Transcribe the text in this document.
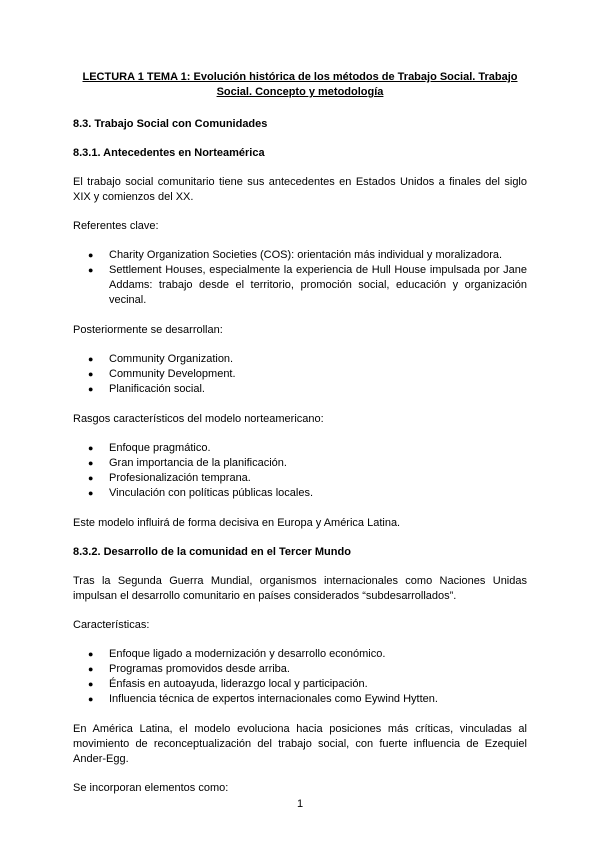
LECTURA 1 TEMA 1: Evolución histórica de los métodos de Trabajo Social. Trabajo Social. Concepto y metodología
8.3. Trabajo Social con Comunidades
8.3.1. Antecedentes en Norteamérica

El trabajo social comunitario tiene sus antecedentes en Estados Unidos a finales del siglo XIX y comienzos del XX.

Referentes clave:

● Charity Organization Societies (COS): orientación más individual y moralizadora.
● Settlement Houses, especialmente la experiencia de Hull House impulsada por Jane Addams: trabajo desde el territorio, promoción social, educación y organización vecinal.

Posteriormente se desarrollan:

● Community Organization.
● Community Development.
● Planificación social.

Rasgos característicos del modelo norteamericano:

● Enfoque pragmático.
● Gran importancia de la planificación.
● Profesionalización temprana.
● Vinculación con políticas públicas locales.

Este modelo influirá de forma decisiva en Europa y América Latina.

8.3.2. Desarrollo de la comunidad en el Tercer Mundo

Tras la Segunda Guerra Mundial, organismos internacionales como Naciones Unidas impulsan el desarrollo comunitario en países considerados “subdesarrollados”.

Características:

● Enfoque ligado a modernización y desarrollo económico.
● Programas promovidos desde arriba.
● Énfasis en autoayuda, liderazgo local y participación.
● Influencia técnica de expertos internacionales como Eywind Hytten.

En América Latina, el modelo evoluciona hacia posiciones más críticas, vinculadas al movimiento de reconceptualización del trabajo social, con fuerte influencia de Ezequiel Ander-Egg.

Se incorporan elementos como:

1
